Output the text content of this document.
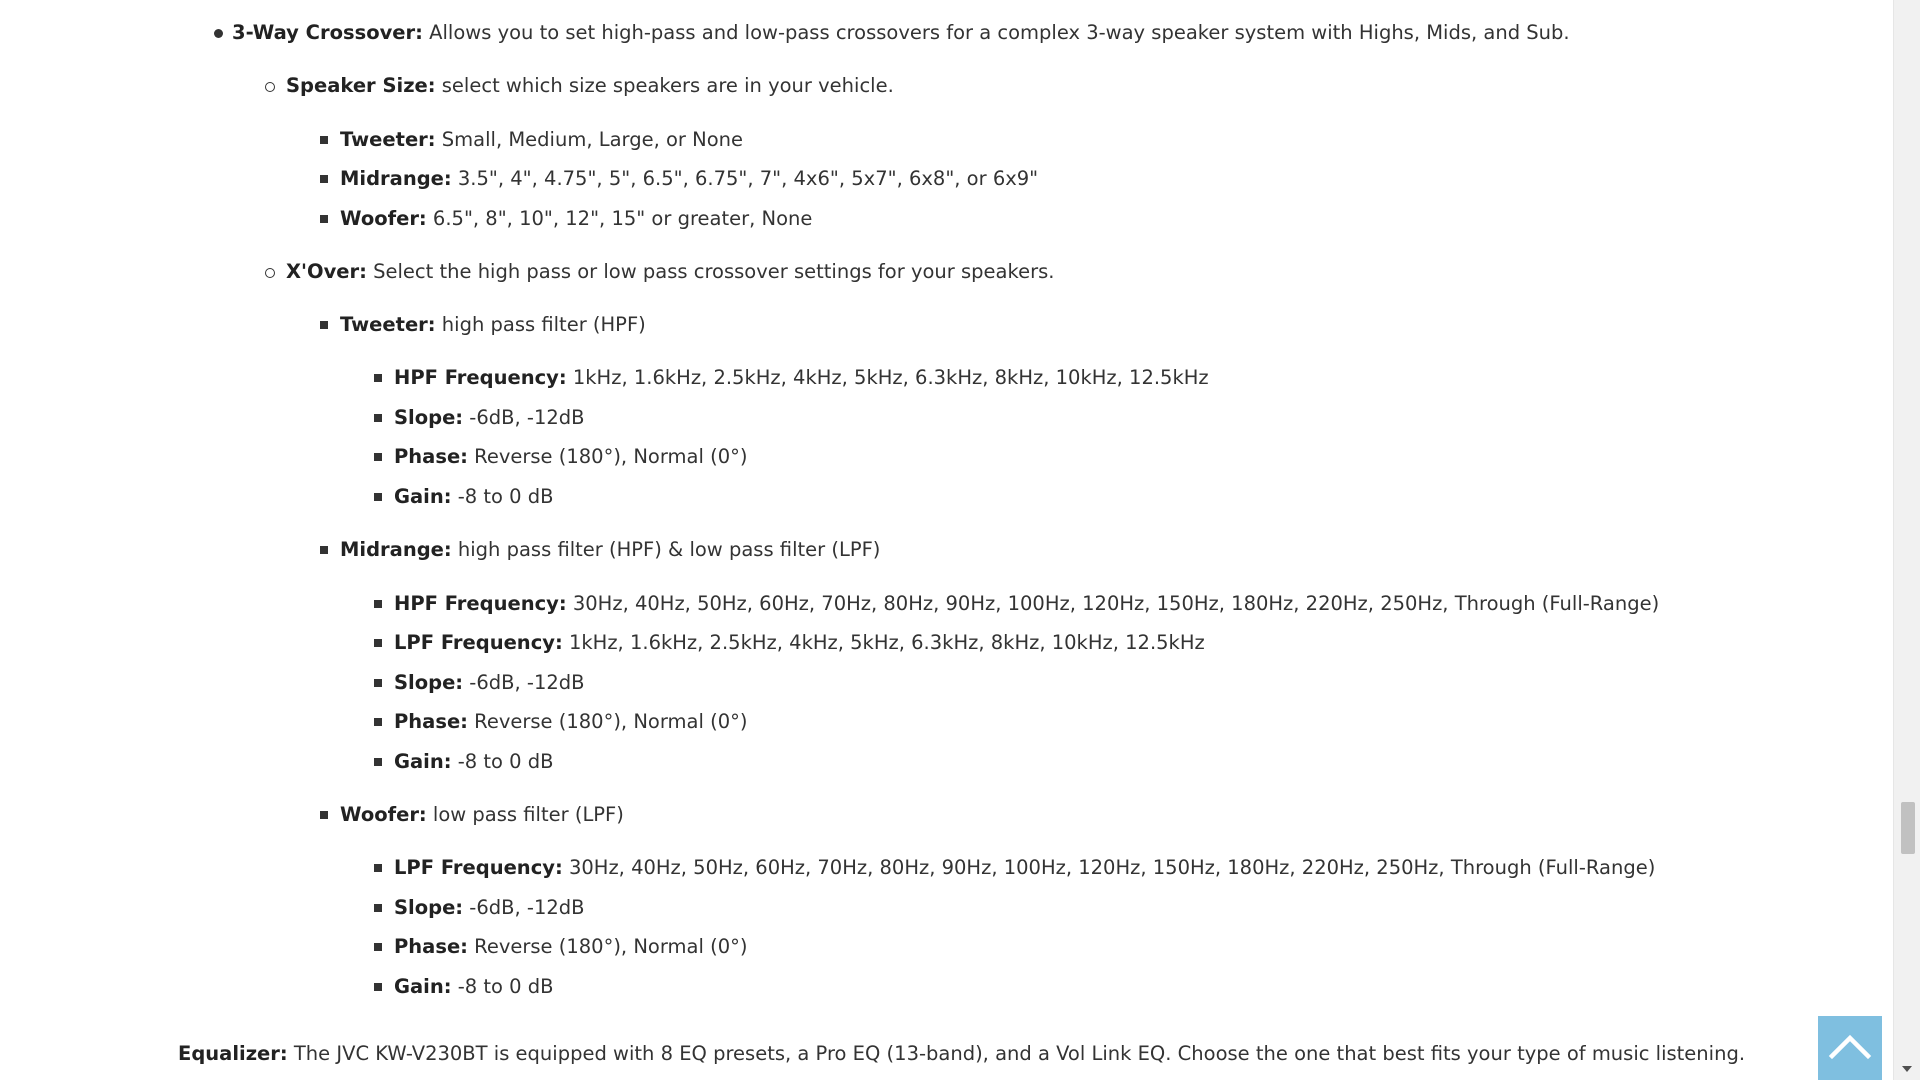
3-Way Crossover: Allows you to set high-pass and low-pass crossovers for a complex 3-way speaker system with Highs, Mids, and Sub.
Speaker Size: select which size speakers are in your vehicle.
Tweeter: Small, Medium, Large, or None
Midrange: 3.5", 4", 4.75", 5", 6.5", 6.75", 7", 4x6", 5x7", 6x8", or 6x9"
Woofer: 6.5", 8", 10", 12", 15" or greater, None
X'Over: Select the high pass or low pass crossover settings for your speakers.
Tweeter: high pass filter (HPF)
HPF Frequency: 1kHz, 1.6kHz, 2.5kHz, 4kHz, 5kHz, 6.3kHz, 8kHz, 10kHz, 12.5kHz
Slope: -6dB, -12dB
Phase: Reverse (180°), Normal (0°)
Gain: -8 to 0 dB
Midrange: high pass filter (HPF) & low pass filter (LPF)
HPF Frequency: 30Hz, 40Hz, 50Hz, 60Hz, 70Hz, 80Hz, 90Hz, 100Hz, 120Hz, 150Hz, 180Hz, 220Hz, 250Hz, Through (Full-Range)
LPF Frequency: 1kHz, 1.6kHz, 2.5kHz, 4kHz, 5kHz, 6.3kHz, 8kHz, 10kHz, 12.5kHz
Slope: -6dB, -12dB
Phase: Reverse (180°), Normal (0°)
Gain: -8 to 0 dB
Woofer: low pass filter (LPF)
LPF Frequency: 30Hz, 40Hz, 50Hz, 60Hz, 70Hz, 80Hz, 90Hz, 100Hz, 120Hz, 150Hz, 180Hz, 220Hz, 250Hz, Through (Full-Range)
Slope: -6dB, -12dB
Phase: Reverse (180°), Normal (0°)
Gain: -8 to 0 dB
Equalizer: The JVC KW-V230BT is equipped with 8 EQ presets, a Pro EQ (13-band), and a Vol Link EQ. Choose the one that best fits your type of music listening.
